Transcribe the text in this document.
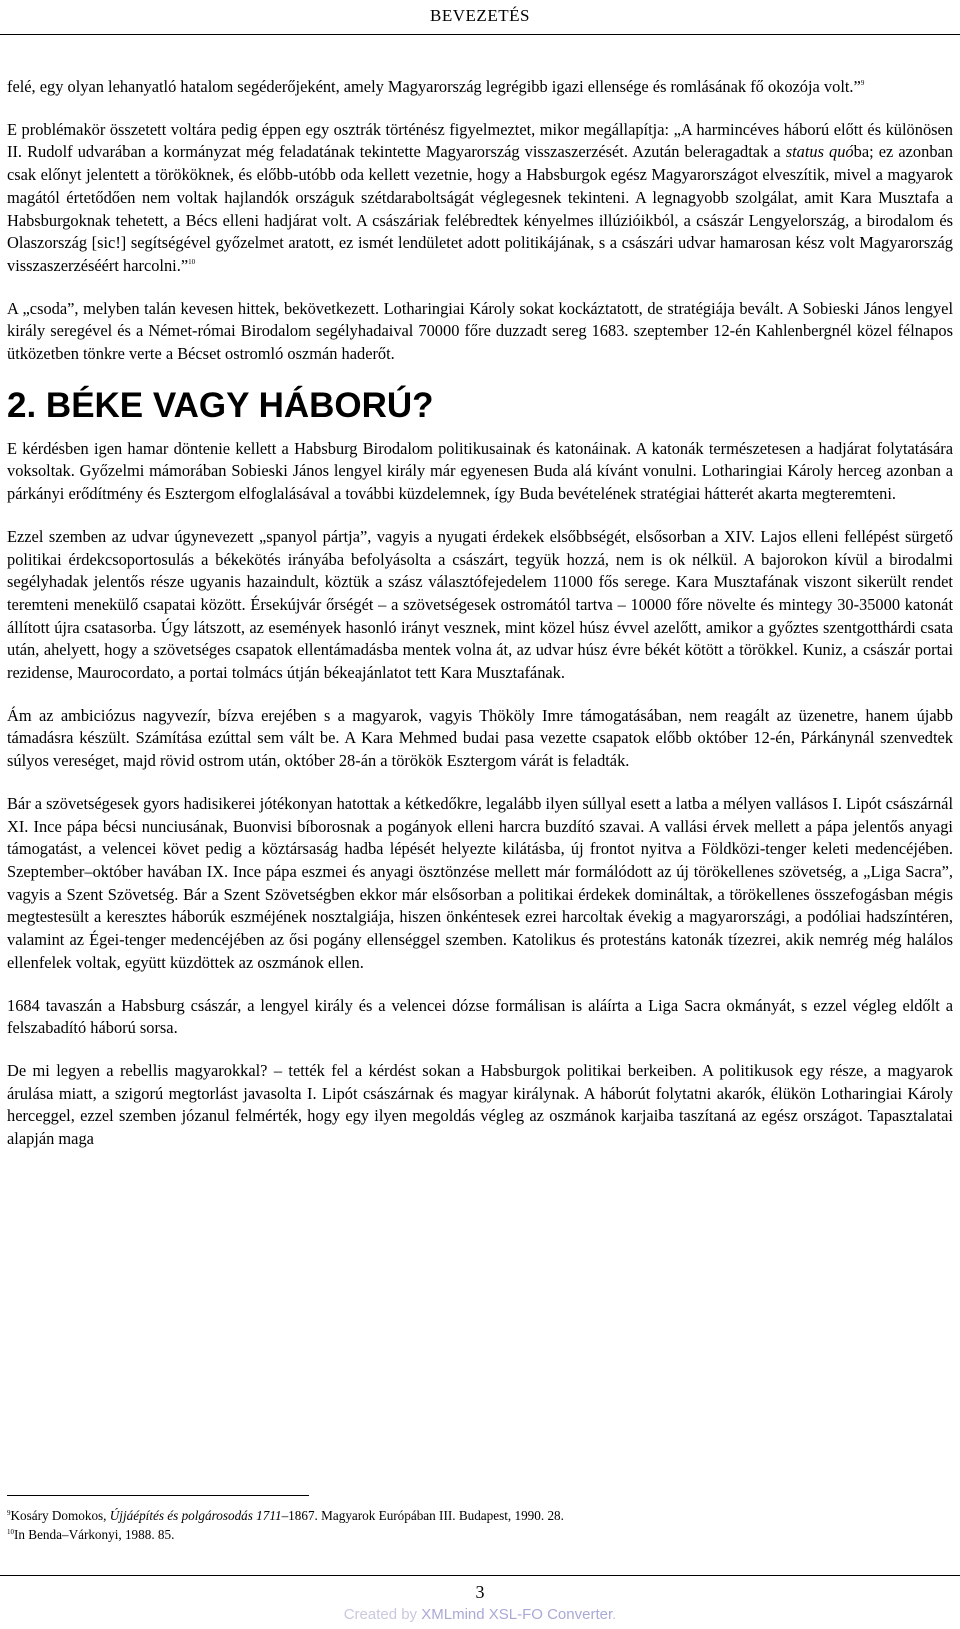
BEVEZETÉS

felé, egy olyan lehanyatló hatalom segéderőjeként, amely Magyarország legrégibb igazi ellensége és romlásának fő okozója volt.”$^9$

E problémakör összetett voltára pedig éppen egy osztrák történész figyelmeztet, mikor megállapítja: „A harmincéves háború előtt és különösen II. Rudolf udvarában a kormányzat még feladatának tekintette Magyarország visszaszerzését. Azután beleragadtak a status quóba; ez azonban csak előnyt jelentett a törököknek, és előbb-utóbb oda kellett vezetnie, hogy a Habsburgok egész Magyarországot elveszítik, mivel a magyarok magától értetődően nem voltak hajlandók országuk szétdaraboltságát véglegesnek tekinteni. A legnagyobb szolgálat, amit Kara Musztafa a Habsburgoknak tehetett, a Bécs elleni hadjárat volt. A császáriak felébredtek kényelmes illúzióikból, a császár Lengyelország, a birodalom és Olaszország [sic!] segítségével győzelmet aratott, ez ismét lendületet adott politikájának, s a császári udvar hamarosan kész volt Magyarország visszaszerzéséért harcolni.”$^{10}$

A „csoda”, melyben talán kevesen hittek, bekövetkezett. Lotharingiai Károly sokat kockáztatott, de stratégiája bevált. A Sobieski János lengyel király seregével és a Német-római Birodalom segélyhadaival 70000 főre duzzadt sereg 1683. szeptember 12-én Kahlenbergnél közel félnapos ütközetben tönkre verte a Bécset ostromló oszmán haderőt.

2. BÉKE VAGY HÁBORÚ?

E kérdésben igen hamar döntenie kellett a Habsburg Birodalom politikusainak és katonáinak. A katonák természetesen a hadjárat folytatására voksoltak. Győzelmi mámorában Sobieski János lengyel király már egyenesen Buda alá kívánt vonulni. Lotharingiai Károly herceg azonban a párkányi erődítmény és Esztergom elfoglalásával a további küzdelemnek, így Buda bevételének stratégiai hátterét akarta megteremteni.

Ezzel szemben az udvar úgynevezett „spanyol pártja”, vagyis a nyugati érdekek elsőbbségét, elsősorban a XIV. Lajos elleni fellépést sürgető politikai érdekcsoportosulás a békekötés irányába befolyásolta a császárt, tegyük hozzá, nem is ok nélkül. A bajorokon kívül a birodalmi segélyhadak jelentős része ugyanis hazaindult, köztük a szász választófejedelem 11000 fős serege. Kara Musztafának viszont sikerült rendet teremteni menekülő csapatai között. Érsekújvár őrségét – a szövetségesek ostromától tartva – 10000 főre növelte és mintegy 30-35000 katonát állított újra csatasorba. Úgy látszott, az események hasonló irányt vesznek, mint közel húsz évvel azelőtt, amikor a győztes szentgotthárdi csata után, ahelyett, hogy a szövetséges csapatok ellentámadásba mentek volna át, az udvar húsz évre békét kötött a törökkel. Kuniz, a császár portai rezidense, Maurocordato, a portai tolmács útján békeajánlatot tett Kara Musztafának.

Ám az ambiciózus nagyvezír, bízva erejében s a magyarok, vagyis Thököly Imre támogatásában, nem reagált az üzenetre, hanem újabb támadásra készült. Számítása ezúttal sem vált be. A Kara Mehmed budai pasa vezette csapatok előbb október 12-én, Párkánynál szenvedtek súlyos vereséget, majd rövid ostrom után, október 28-án a törökök Esztergom várát is feladták.

Bár a szövetségesek gyors hadisikerei jótékonyan hatottak a kétkedőkre, legalább ilyen súllyal esett a latba a mélyen vallásos I. Lipót császárnál XI. Ince pápa bécsi nunciusának, Buonvisi bíborosnak a pogányok elleni harcra buzdító szavai. A vallási érvek mellett a pápa jelentős anyagi támogatást, a velencei követ pedig a köztársaság hadba lépését helyezte kilátásba, új frontot nyitva a Földközi-tenger keleti medencéjében. Szeptember–október havában IX. Ince pápa eszmei és anyagi ösztönzése mellett már formálódott az új törökellenes szövetség, a „Liga Sacra”, vagyis a Szent Szövetség. Bár a Szent Szövetségben ekkor már elsősorban a politikai érdekek domináltak, a törökellenes összefogásban mégis megtestesült a keresztes háborúk eszméjének nosztalgiája, hiszen önkéntesek ezrei harcoltak évekig a magyarországi, a podóliai hadszíntéren, valamint az Égei-tenger medencéjében az ősi pogány ellenséggel szemben. Katolikus és protestáns katonák tízezrei, akik nemrég még halálos ellenfelek voltak, együtt küzdöttek az oszmánok ellen.

1684 tavaszán a Habsburg császár, a lengyel király és a velencei dózse formálisan is aláírta a Liga Sacra okmányát, s ezzel végleg eldőlt a felszabadító háború sorsa.

De mi legyen a rebellis magyarokkal? – tették fel a kérdést sokan a Habsburgok politikai berkeiben. A politikusok egy része, a magyarok árulása miatt, a szigorú megtorlást javasolta I. Lipót császárnak és magyar királynak. A háborút folytatni akarók, élükön Lotharingiai Károly herceggel, ezzel szemben józanul felmérték, hogy egy ilyen megoldás végleg az oszmánok karjaiba taszítaná az egész országot. Tapasztalatai alapján maga

$^9$Kosáry Domokos, Újjáépítés és polgárosodás 1711–1867. Magyarok Európában III. Budapest, 1990. 28.

$^{10}$In Benda–Várkonyi, 1988. 85.

3
Created by XMLmind XSL-FO Converter.
